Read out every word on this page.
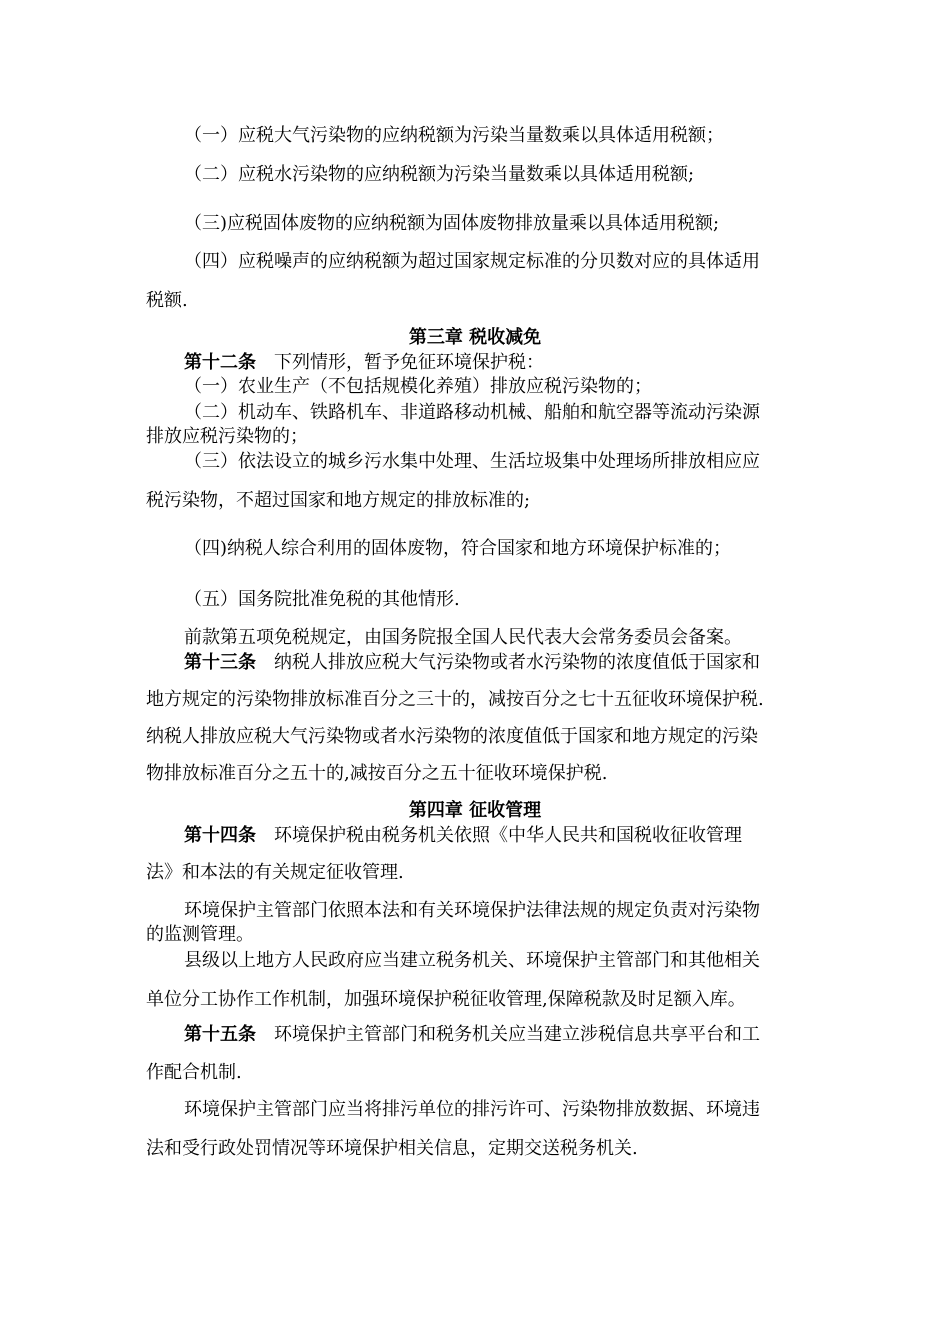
（一）应税大气污染物的应纳税额为污染当量数乘以具体适用税额；
（二）应税水污染物的应纳税额为污染当量数乘以具体适用税额;
（三)应税固体废物的应纳税额为固体废物排放量乘以具体适用税额;
（四）应税噪声的应纳税额为超过国家规定标准的分贝数对应的具体适用
税额.
第三章 税收减免
第十二条 下列情形，暂予免征环境保护税：
（一）农业生产（不包括规模化养殖）排放应税污染物的；
（二）机动车、铁路机车、非道路移动机械、船舶和航空器等流动污染源
排放应税污染物的；
（三）依法设立的城乡污水集中处理、生活垃圾集中处理场所排放相应应
税污染物，不超过国家和地方规定的排放标准的;
（四)纳税人综合利用的固体废物，符合国家和地方环境保护标准的；
（五）国务院批准免税的其他情形.
前款第五项免税规定，由国务院报全国人民代表大会常务委员会备案。
第十三条 纳税人排放应税大气污染物或者水污染物的浓度值低于国家和
地方规定的污染物排放标准百分之三十的，减按百分之七十五征收环境保护税.
纳税人排放应税大气污染物或者水污染物的浓度值低于国家和地方规定的污染
物排放标准百分之五十的,减按百分之五十征收环境保护税.
第四章 征收管理
第十四条 环境保护税由税务机关依照《中华人民共和国税收征收管理
法》和本法的有关规定征收管理.
环境保护主管部门依照本法和有关环境保护法律法规的规定负责对污染物
的监测管理。
县级以上地方人民政府应当建立税务机关、环境保护主管部门和其他相关
单位分工协作工作机制，加强环境保护税征收管理,保障税款及时足额入库。
第十五条 环境保护主管部门和税务机关应当建立涉税信息共享平台和工
作配合机制.
环境保护主管部门应当将排污单位的排污许可、污染物排放数据、环境违
法和受行政处罚情况等环境保护相关信息，定期交送税务机关.
